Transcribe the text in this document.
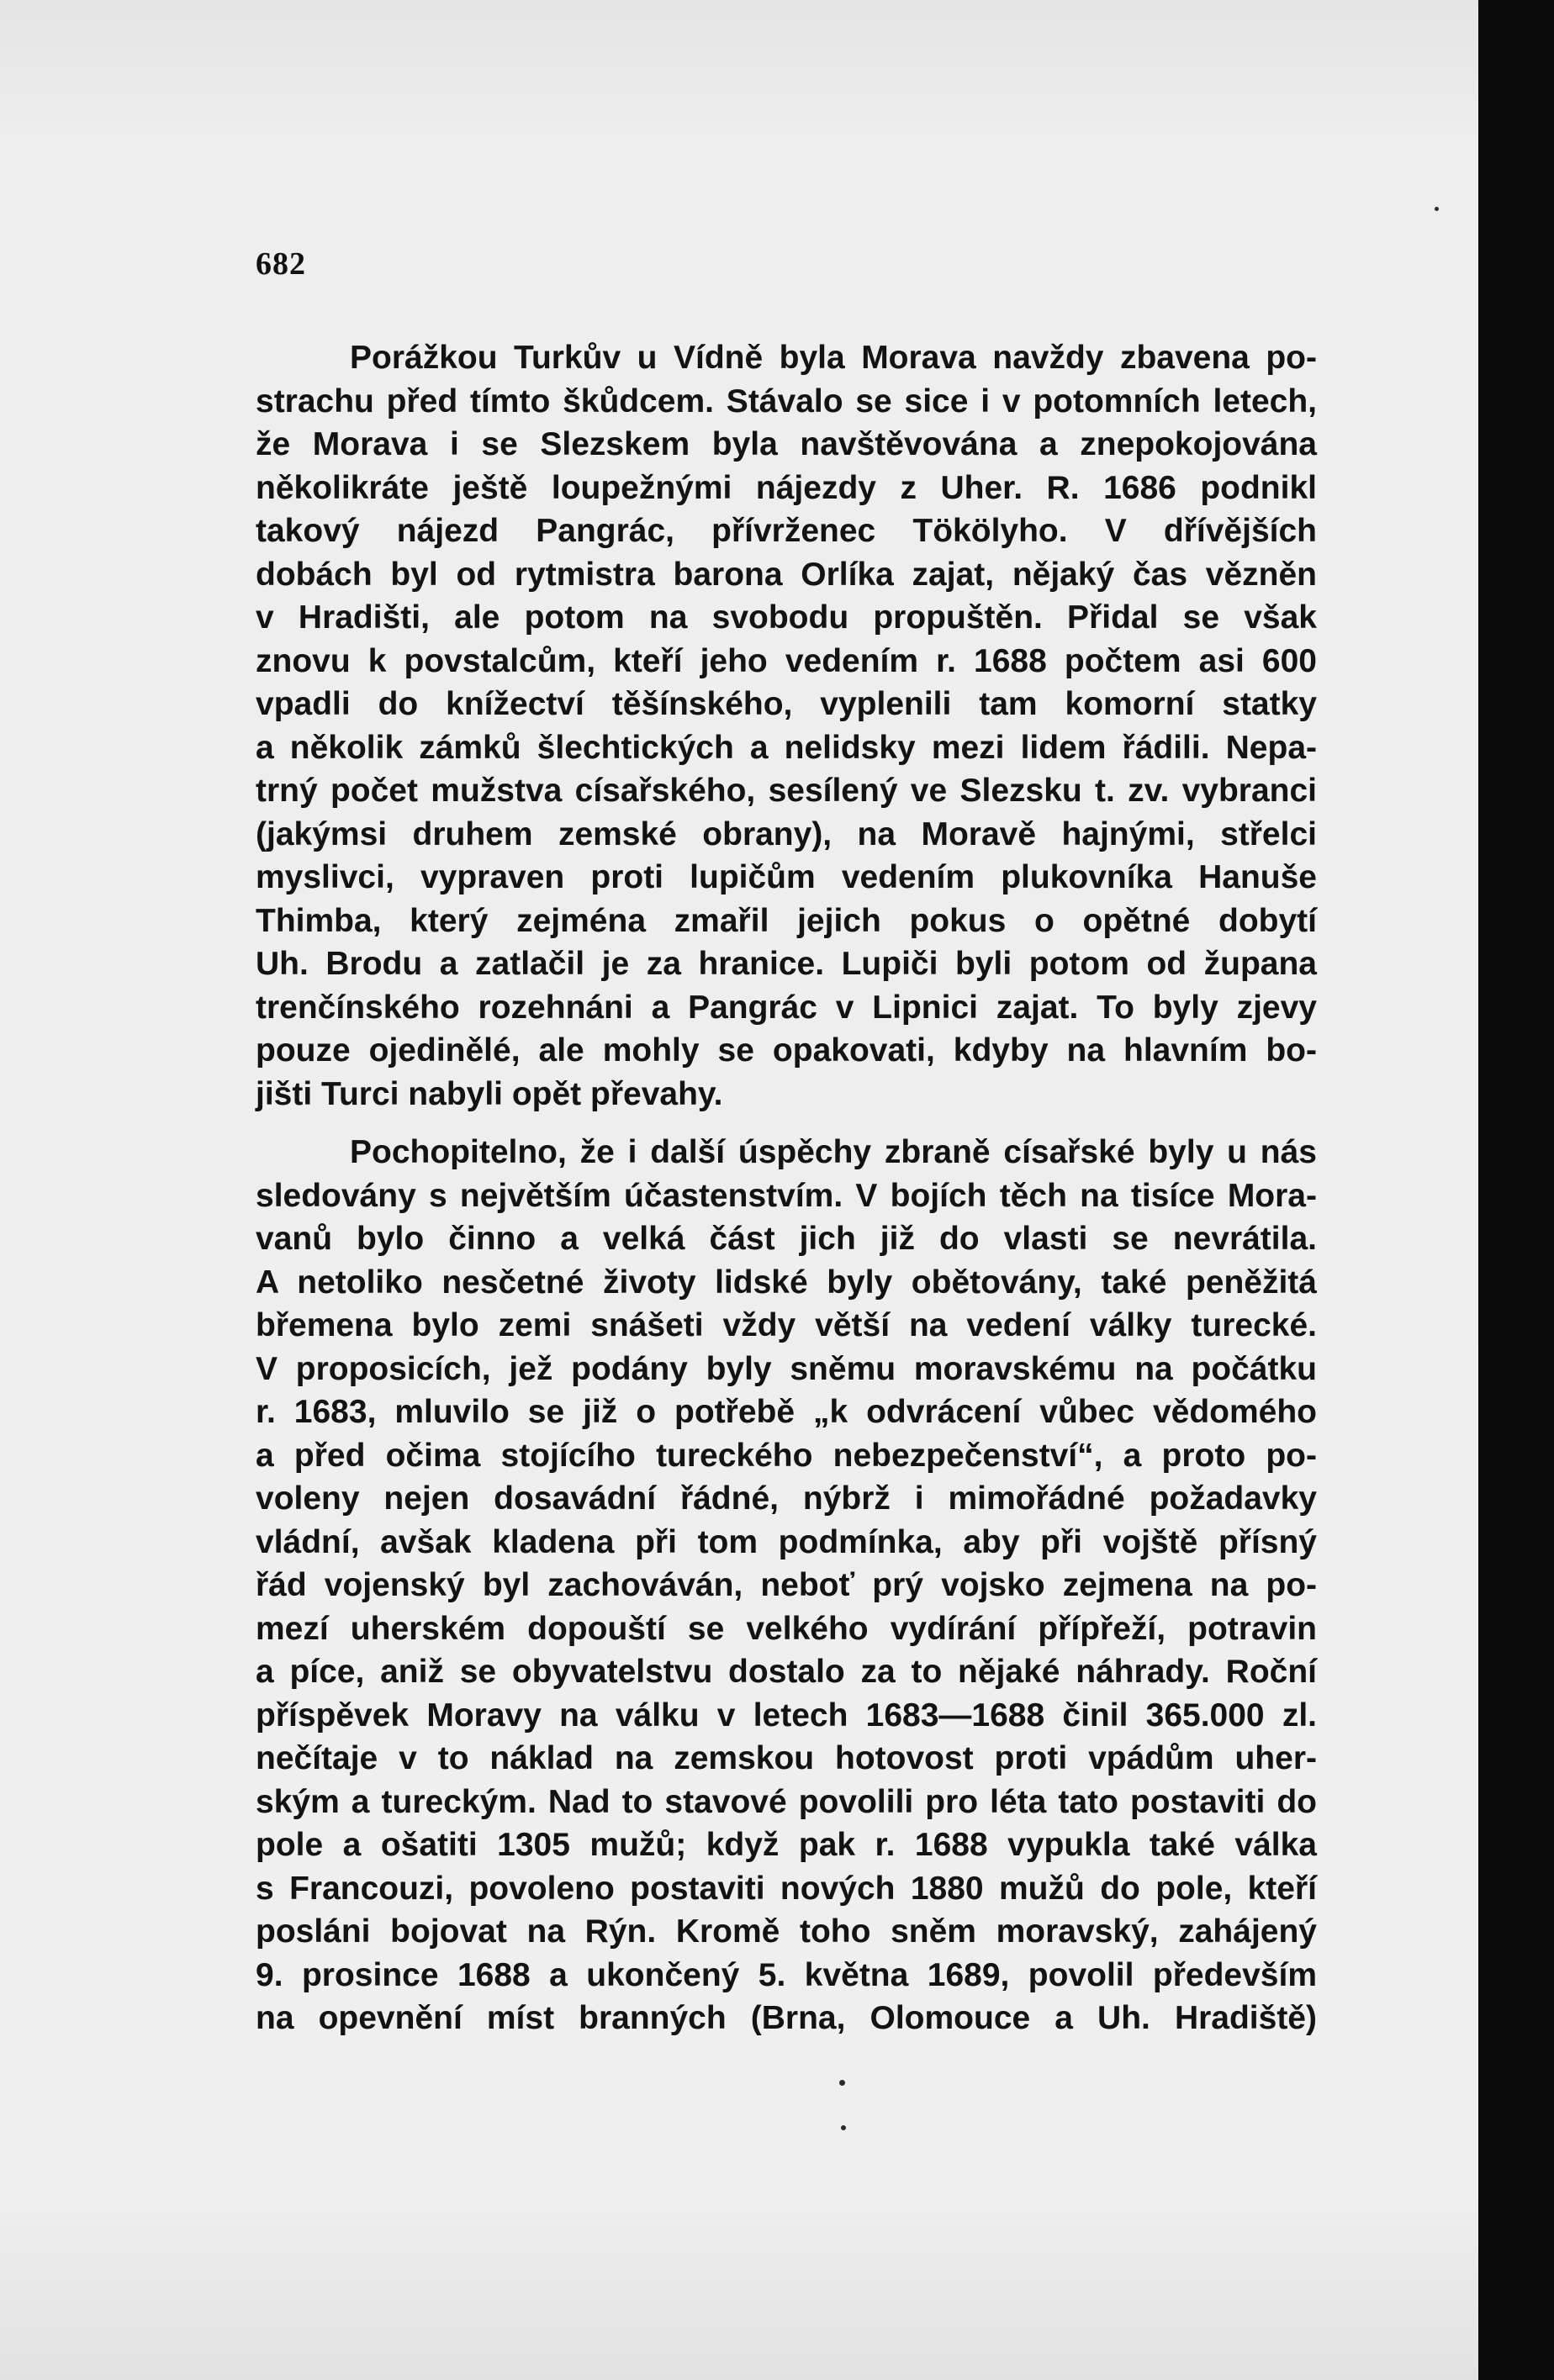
682
Porážkou Turkův u Vídně byla Morava navždy zbavena po-
strachu před tímto škůdcem. Stávalo se sice i v potomních letech,
že Morava i se Slezskem byla navštěvována a znepokojována
několikráte ještě loupežnými nájezdy z Uher. R. 1686 podnikl
takový nájezd Pangrác, přívrženec Tökölyho. V dřívějších
dobách byl od rytmistra barona Orlíka zajat, nějaký čas vězněn
v Hradišti, ale potom na svobodu propuštěn. Přidal se však
znovu k povstalcům, kteří jeho vedením r. 1688 počtem asi 600
vpadli do knížectví těšínského, vyplenili tam komorní statky
a několik zámků šlechtických a nelidsky mezi lidem řádili. Nepa-
trný počet mužstva císařského, sesílený ve Slezsku t. zv. vybranci
(jakýmsi druhem zemské obrany), na Moravě hajnými, střelci
myslivci, vypraven proti lupičům vedením plukovníka Hanuše
Thimba, který zejména zmařil jejich pokus o opětné dobytí
Uh. Brodu a zatlačil je za hranice. Lupiči byli potom od župana
trenčínského rozehnáni a Pangrác v Lipnici zajat. To byly zjevy
pouze ojedinělé, ale mohly se opakovati, kdyby na hlavním bo-
jišti Turci nabyli opět převahy.
Pochopitelno, že i další úspěchy zbraně císařské byly u nás
sledovány s největším účastenstvím. V bojích těch na tisíce Mora-
vanů bylo činno a velká část jich již do vlasti se nevrátila.
A netoliko nesčetné životy lidské byly obětovány, také peněžitá
břemena bylo zemi snášeti vždy větší na vedení války turecké.
V proposicích, jež podány byly sněmu moravskému na počátku
r. 1683, mluvilo se již o potřebě „k odvrácení vůbec vědomého
a před očima stojícího tureckého nebezpečenství“, a proto po-
voleny nejen dosavádní řádné, nýbrž i mimořádné požadavky
vládní, avšak kladena při tom podmínka, aby při vojště přísný
řád vojenský byl zachováván, neboť prý vojsko zejmena na po-
mezí uherském dopouští se velkého vydírání přípřeží, potravin
a píce, aniž se obyvatelstvu dostalo za to nějaké náhrady. Roční
příspěvek Moravy na válku v letech 1683—1688 činil 365.000 zl.
nečítaje v to náklad na zemskou hotovost proti vpádům uher-
ským a tureckým. Nad to stavové povolili pro léta tato postaviti do
pole a ošatiti 1305 mužů; když pak r. 1688 vypukla také válka
s Francouzi, povoleno postaviti nových 1880 mužů do pole, kteří
posláni bojovat na Rýn. Kromě toho sněm moravský, zahájený
9. prosince 1688 a ukončený 5. května 1689, povolil především
na opevnění míst branných (Brna, Olomouce a Uh. Hradiště)
